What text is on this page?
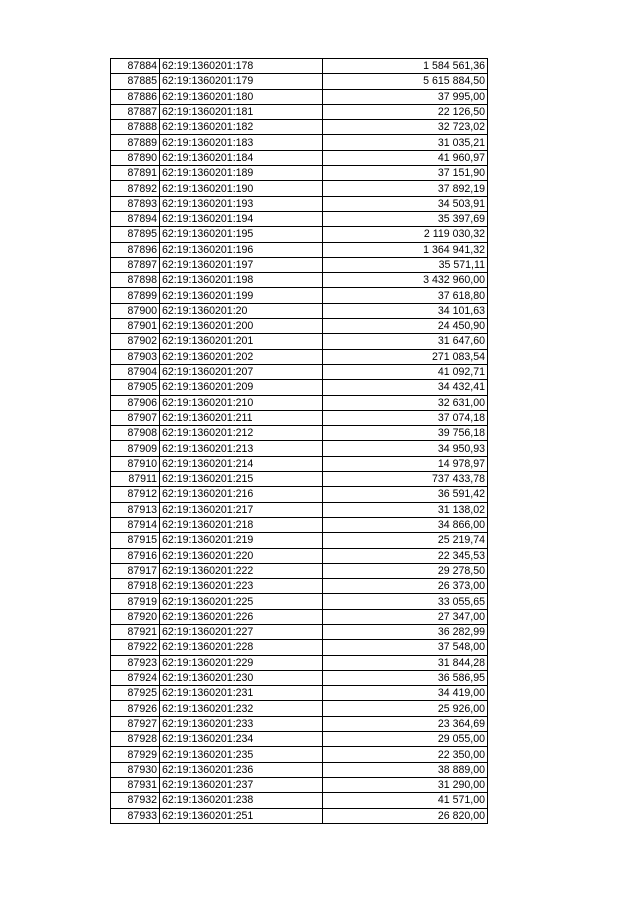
87884	62:19:1360201:178	1 584 561,36
87885	62:19:1360201:179	5 615 884,50
87886	62:19:1360201:180	37 995,00
87887	62:19:1360201:181	22 126,50
87888	62:19:1360201:182	32 723,02
87889	62:19:1360201:183	31 035,21
87890	62:19:1360201:184	41 960,97
87891	62:19:1360201:189	37 151,90
87892	62:19:1360201:190	37 892,19
87893	62:19:1360201:193	34 503,91
87894	62:19:1360201:194	35 397,69
87895	62:19:1360201:195	2 119 030,32
87896	62:19:1360201:196	1 364 941,32
87897	62:19:1360201:197	35 571,11
87898	62:19:1360201:198	3 432 960,00
87899	62:19:1360201:199	37 618,80
87900	62:19:1360201:20	34 101,63
87901	62:19:1360201:200	24 450,90
87902	62:19:1360201:201	31 647,60
87903	62:19:1360201:202	271 083,54
87904	62:19:1360201:207	41 092,71
87905	62:19:1360201:209	34 432,41
87906	62:19:1360201:210	32 631,00
87907	62:19:1360201:211	37 074,18
87908	62:19:1360201:212	39 756,18
87909	62:19:1360201:213	34 950,93
87910	62:19:1360201:214	14 978,97
87911	62:19:1360201:215	737 433,78
87912	62:19:1360201:216	36 591,42
87913	62:19:1360201:217	31 138,02
87914	62:19:1360201:218	34 866,00
87915	62:19:1360201:219	25 219,74
87916	62:19:1360201:220	22 345,53
87917	62:19:1360201:222	29 278,50
87918	62:19:1360201:223	26 373,00
87919	62:19:1360201:225	33 055,65
87920	62:19:1360201:226	27 347,00
87921	62:19:1360201:227	36 282,99
87922	62:19:1360201:228	37 548,00
87923	62:19:1360201:229	31 844,28
87924	62:19:1360201:230	36 586,95
87925	62:19:1360201:231	34 419,00
87926	62:19:1360201:232	25 926,00
87927	62:19:1360201:233	23 364,69
87928	62:19:1360201:234	29 055,00
87929	62:19:1360201:235	22 350,00
87930	62:19:1360201:236	38 889,00
87931	62:19:1360201:237	31 290,00
87932	62:19:1360201:238	41 571,00
87933	62:19:1360201:251	26 820,00
